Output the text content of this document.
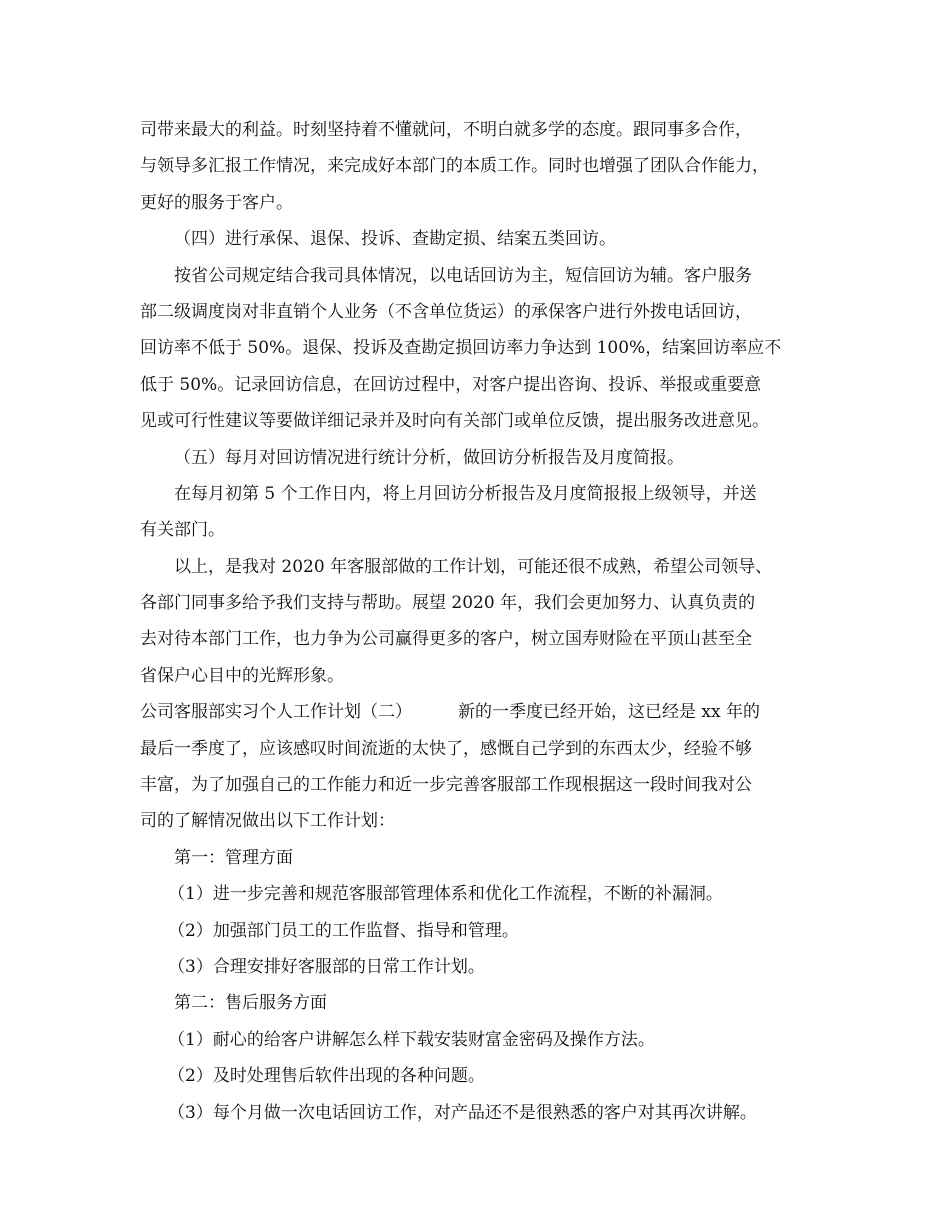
司带来最大的利益。时刻坚持着不懂就问，不明白就多学的态度。跟同事多合作，
与领导多汇报工作情况，来完成好本部门的本质工作。同时也增强了团队合作能力，
更好的服务于客户。
（四）进行承保、退保、投诉、查勘定损、结案五类回访。
按省公司规定结合我司具体情况，以电话回访为主，短信回访为辅。客户服务
部二级调度岗对非直销个人业务（不含单位货运）的承保客户进行外拨电话回访，
回访率不低于 50%。退保、投诉及查勘定损回访率力争达到 100%，结案回访率应不
低于 50%。记录回访信息，在回访过程中，对客户提出咨询、投诉、举报或重要意
见或可行性建议等要做详细记录并及时向有关部门或单位反馈，提出服务改进意见。
（五）每月对回访情况进行统计分析，做回访分析报告及月度简报。
在每月初第 5 个工作日内，将上月回访分析报告及月度简报报上级领导，并送
有关部门。
以上，是我对 2020 年客服部做的工作计划，可能还很不成熟，希望公司领导、
各部门同事多给予我们支持与帮助。展望 2020 年，我们会更加努力、认真负责的
去对待本部门工作，也力争为公司赢得更多的客户，树立国寿财险在平顶山甚至全
省保户心目中的光辉形象。
公司客服部实习个人工作计划（二）	新的一季度已经开始，这已经是 xx 年的
最后一季度了，应该感叹时间流逝的太快了，感慨自己学到的东西太少，经验不够
丰富，为了加强自己的工作能力和近一步完善客服部工作现根据这一段时间我对公
司的了解情况做出以下工作计划：
第一：管理方面
（1）进一步完善和规范客服部管理体系和优化工作流程，不断的补漏洞。
（2）加强部门员工的工作监督、指导和管理。
（3）合理安排好客服部的日常工作计划。
第二：售后服务方面
（1）耐心的给客户讲解怎么样下载安装财富金密码及操作方法。
（2）及时处理售后软件出现的各种问题。
（3）每个月做一次电话回访工作，对产品还不是很熟悉的客户对其再次讲解。
